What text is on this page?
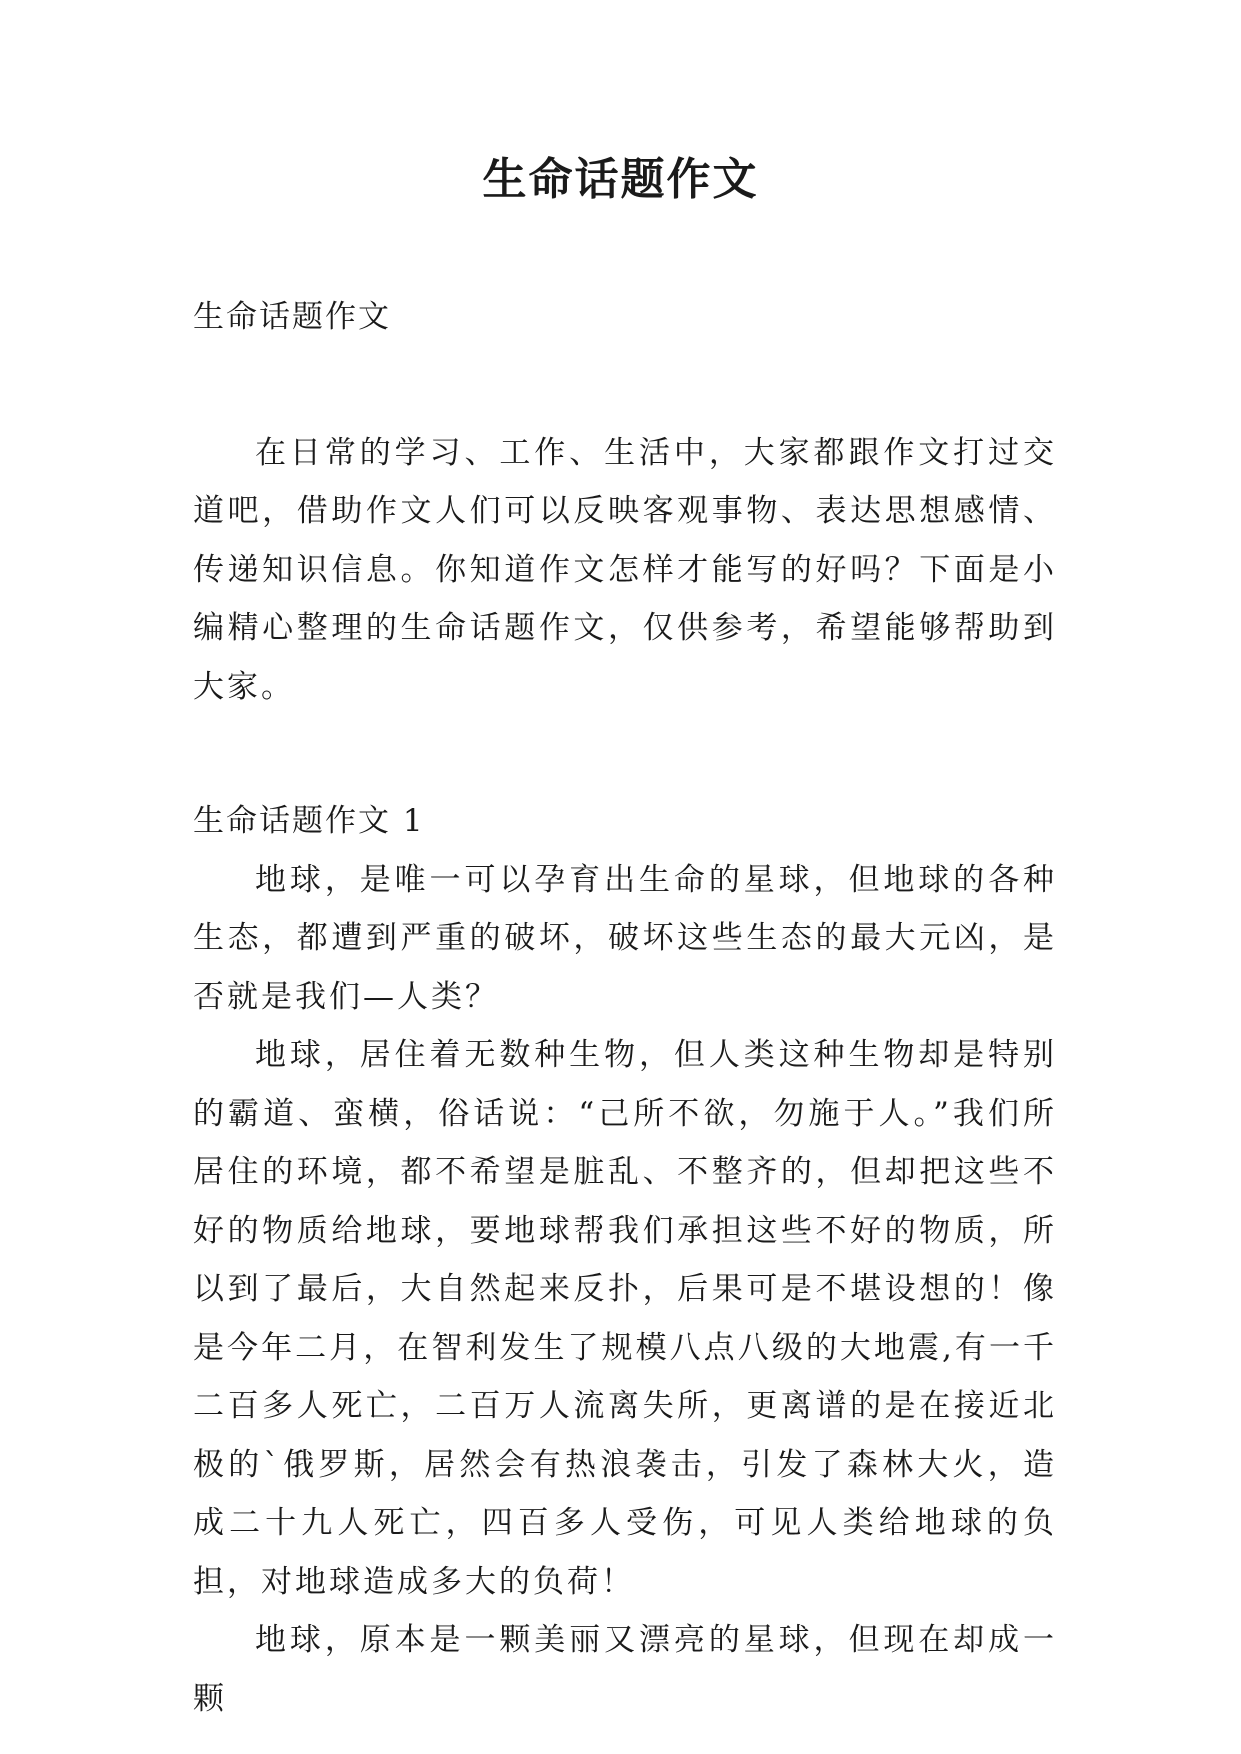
生命话题作文

生命话题作文

在日常的学习、工作、生活中，大家都跟作文打过交道吧，借助作文人们可以反映客观事物、表达思想感情、传递知识信息。你知道作文怎样才能写的好吗？下面是小编精心整理的生命话题作文，仅供参考，希望能够帮助到大家。

生命话题作文 1

地球，是唯一可以孕育出生命的星球，但地球的各种生态，都遭到严重的破坏，破坏这些生态的最大元凶，是否就是我们—人类？

地球，居住着无数种生物，但人类这种生物却是特别的霸道、蛮横，俗话说：“己所不欲，勿施于人。”我们所居住的环境，都不希望是脏乱、不整齐的，但却把这些不好的物质给地球，要地球帮我们承担这些不好的物质，所以到了最后，大自然起来反扑，后果可是不堪设想的！像是今年二月，在智利发生了规模八点八级的大地震,有一千二百多人死亡，二百万人流离失所，更离谱的是在接近北极的`俄罗斯，居然会有热浪袭击，引发了森林大火，造成二十九人死亡，四百多人受伤，可见人类给地球的负担，对地球造成多大的负荷！

地球，原本是一颗美丽又漂亮的星球，但现在却成一颗
